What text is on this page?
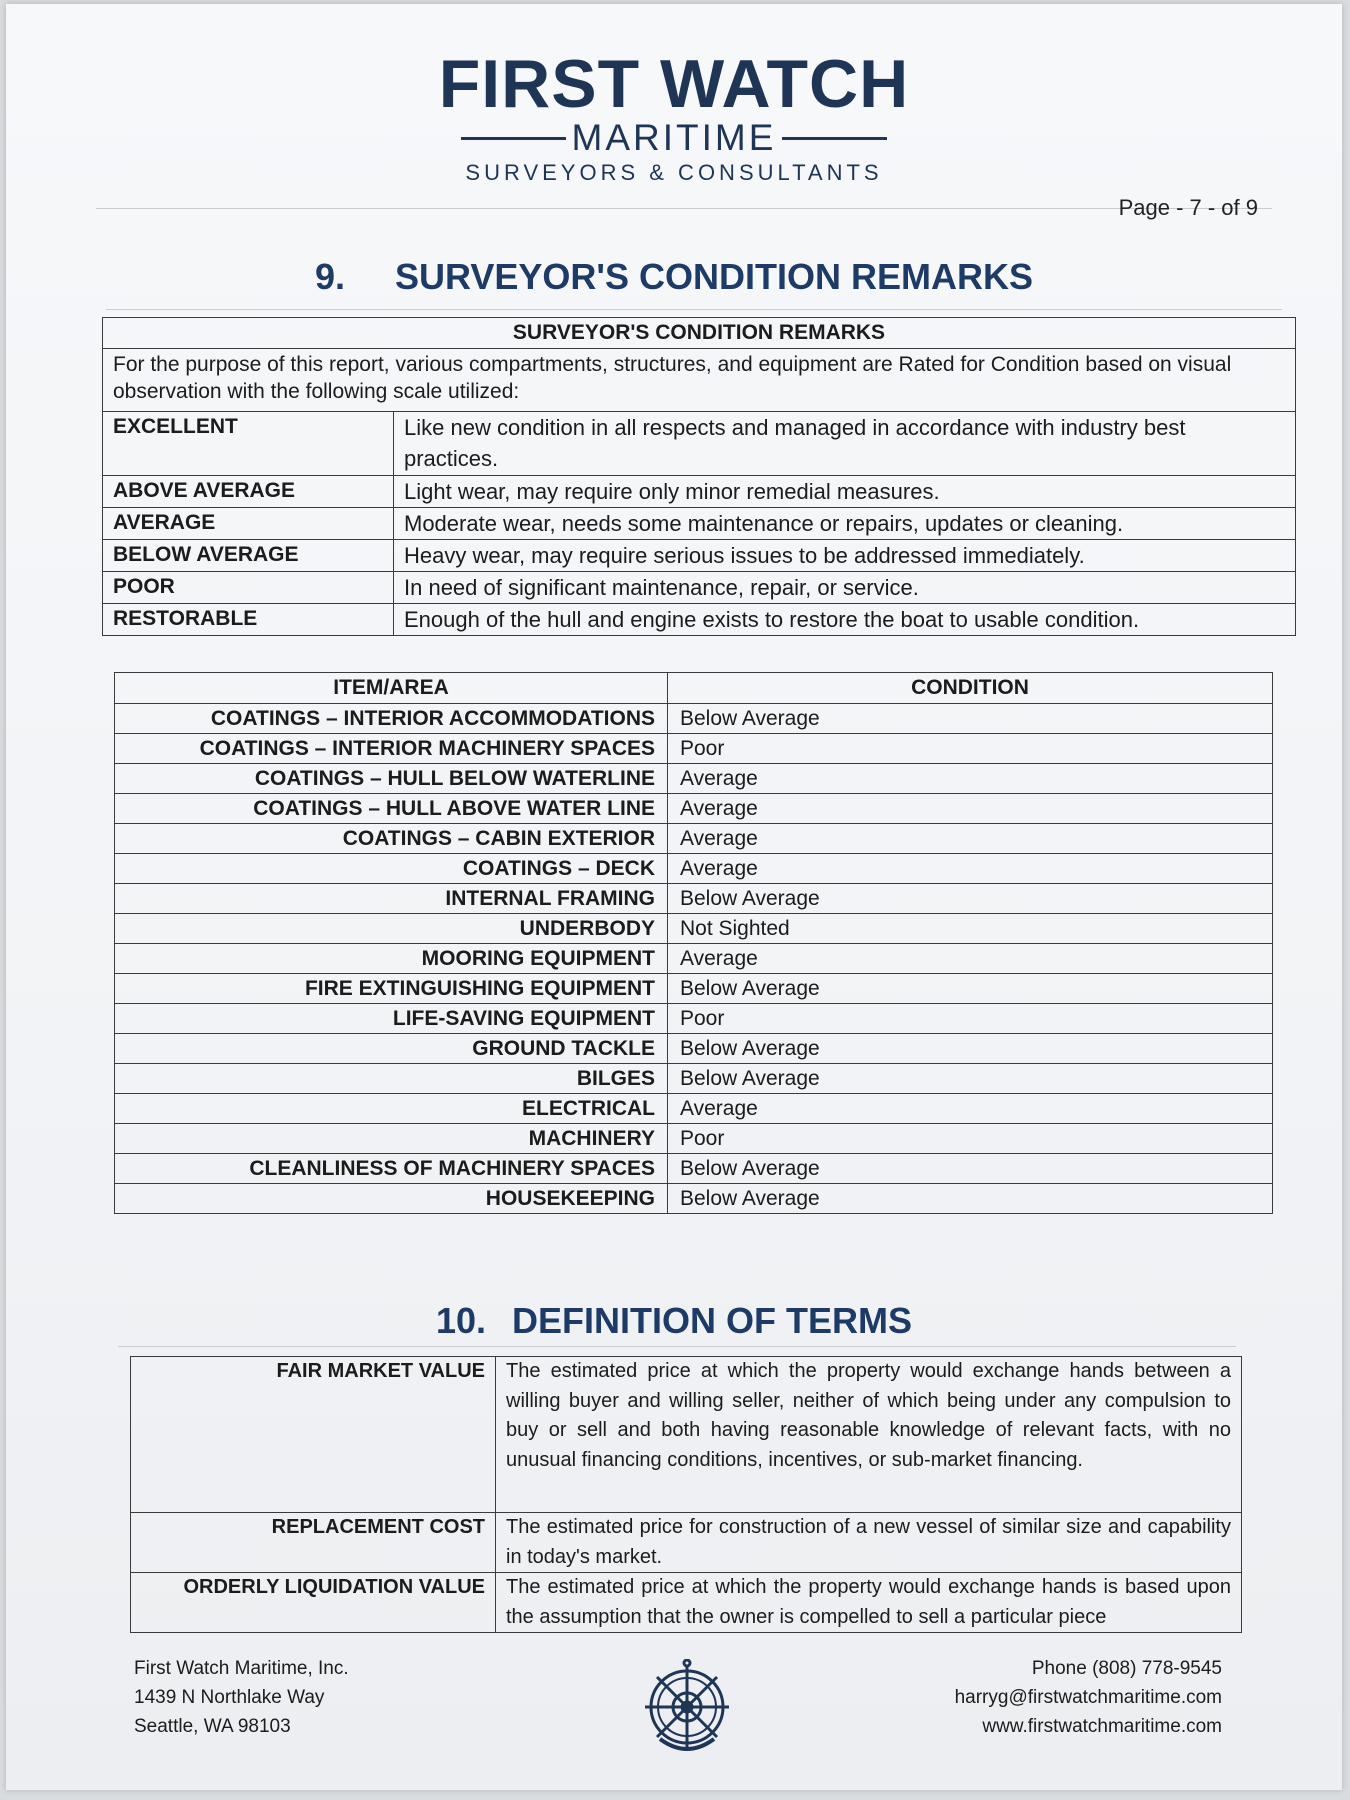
FIRST WATCH
MARITIME
SURVEYORS & CONSULTANTS
Page - 7 - of 9
9. SURVEYOR'S CONDITION REMARKS
SURVEYOR'S CONDITION REMARKS	
For the purpose of this report, various compartments, structures, and equipment are Rated for Condition based on visual observation with the following scale utilized:	
EXCELLENT	Like new condition in all respects and managed in accordance with industry best practices.
ABOVE AVERAGE	Light wear, may require only minor remedial measures.
AVERAGE	Moderate wear, needs some maintenance or repairs, updates or cleaning.
BELOW AVERAGE	Heavy wear, may require serious issues to be addressed immediately.
POOR	In need of significant maintenance, repair, or service.
RESTORABLE	Enough of the hull and engine exists to restore the boat to usable condition.
ITEM/AREA	CONDITION
COATINGS – INTERIOR ACCOMMODATIONS	Below Average
COATINGS – INTERIOR MACHINERY SPACES	Poor
COATINGS – HULL BELOW WATERLINE	Average
COATINGS – HULL ABOVE WATER LINE	Average
COATINGS – CABIN EXTERIOR	Average
COATINGS – DECK	Average
INTERNAL FRAMING	Below Average
UNDERBODY	Not Sighted
MOORING EQUIPMENT	Average
FIRE EXTINGUISHING EQUIPMENT	Below Average
LIFE-SAVING EQUIPMENT	Poor
GROUND TACKLE	Below Average
BILGES	Below Average
ELECTRICAL	Average
MACHINERY	Poor
CLEANLINESS OF MACHINERY SPACES	Below Average
HOUSEKEEPING	Below Average
10. DEFINITION OF TERMS
FAIR MARKET VALUE	The estimated price at which the property would exchange hands between a willing buyer and willing seller, neither of which being under any compulsion to buy or sell and both having reasonable knowledge of relevant facts, with no unusual financing conditions, incentives, or sub-market financing.
REPLACEMENT COST	The estimated price for construction of a new vessel of similar size and capability in today's market.
ORDERLY LIQUIDATION VALUE	The estimated price at which the property would exchange hands is based upon the assumption that the owner is compelled to sell a particular piece
First Watch Maritime, Inc.
1439 N Northlake Way
Seattle, WA 98103
Phone (808) 778-9545
harryg@firstwatchmaritime.com
www.firstwatchmaritime.com
